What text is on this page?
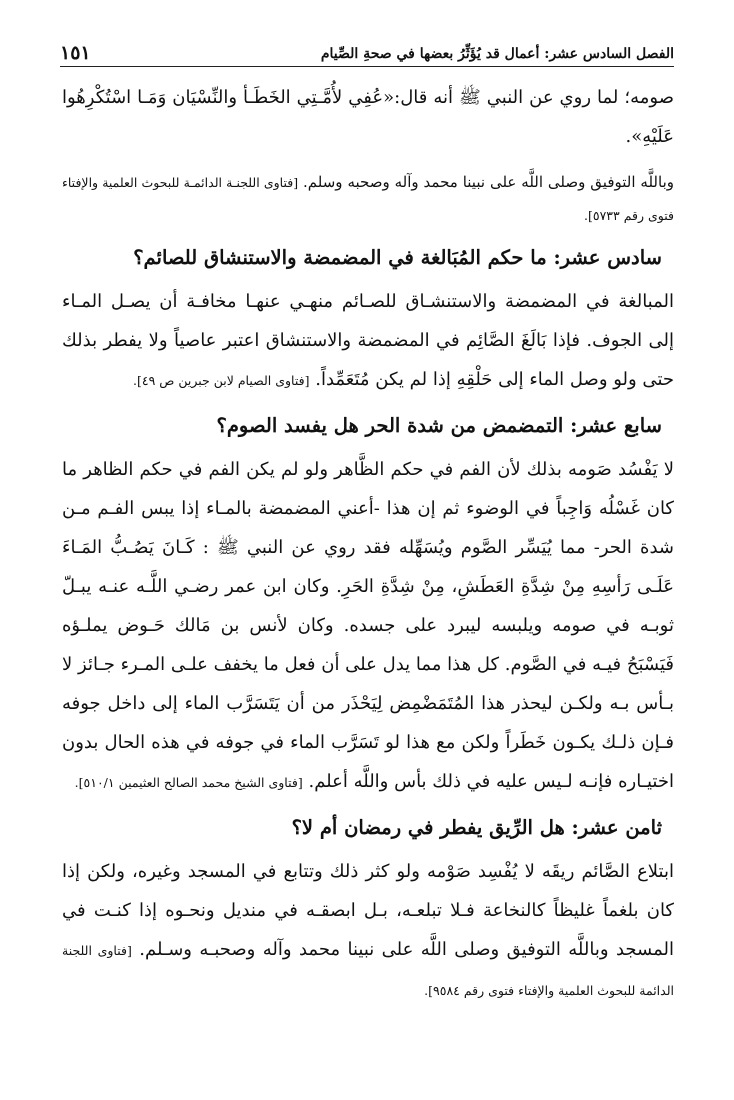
الفصل السادس عشر: أعمال قد يُؤَثِّرُ بعضها في صحةِ الصِّيام
١٥١

صومه؛ لما روي عن النبي ﷺ أنه قال:«عُفِي لأُمَّـتِي الخَطَـأ والنِّسْيَان وَمَـا اسْتُكْرِهُوا عَلَيْهِ».

وباللَّه التوفيق وصلى اللَّه على نبينا محمد وآله وصحبه وسلم. [فتاوى اللجنـة الدائمـة للبحوث العلمية والإفتاء فتوى رقم ٥٧٣٣].

سادس عشر: ما حكم المُبَالغة في المضمضة والاستنشاق للصائم؟

المبالغة في المضمضة والاستنشـاق للصـائم منهـي عنهـا مخافـة أن يصـل المـاء إلى الجوف. فإذا بَالَغَ الصَّائِم في المضمضة والاستنشاق اعتبر عاصياً ولا يفطر بذلك حتى ولو وصل الماء إلى حَلْقِهِ إذا لم يكن مُتَعَمِّداً. [فتاوى الصيام لابن جبرين ص ٤٩].

سابع عشر: التمضمض من شدة الحر هل يفسد الصوم؟

لا يَفْسُد صَومه بذلك لأن الفم في حكم الظَّاهر ولو لم يكن الفم في حكم الظاهر ما كان غَسْلُه وَاجِباً في الوضوء ثم إن هذا -أعني المضمضة بالمـاء إذا يبس الفـم مـن شدة الحر- مما يُيَسِّر الصَّوم ويُسَهِّله فقد روي عن النبي ﷺ : كَـانَ يَصُـبُّ المَـاءَ عَلَـى رَأسِهِ مِنْ شِدَّةِ العَطَشِ، مِنْ شِدَّةِ الحَرِ. وكان ابن عمر رضـي اللَّـه عنـه يبـلّ ثوبـه في صومه ويلبسه ليبرد على جسده. وكان لأنس بن مَالك حَـوض يملـؤه فَيَسْبَحُ فيـه في الصَّوم. كل هذا مما يدل على أن فعل ما يخفف علـى المـرء جـائز لا بـأس بـه ولكـن ليحذر هذا المُتَمَضْمِض لِيَحْذَر من أن يَتَسَرَّب الماء إلى داخل جوفه فـإن ذلـك يكـون خَطَراً ولكن مع هذا لو تَسَرَّب الماء في جوفه في هذه الحال بدون اختيـاره فإنـه لـيس عليه في ذلك بأس واللَّه أعلم. [فتاوى الشيخ محمد الصالح العثيمين ٥١٠/١].

ثامن عشر: هل الرِّيق يفطر في رمضان أم لا؟

ابتلاع الصَّائم ريقَه لا يُفْسِد صَوْمه ولو كثر ذلك وتتابع في المسجد وغيره، ولكن إذا كان بلغماً غليظاً كالنخاعة فـلا تبلعـه، بـل ابصقـه في منديل ونحـوه إذا كنـت في المسجد وباللَّه التوفيق وصلى اللَّه على نبينا محمد وآله وصحبـه وسـلم. [فتاوى اللجنة الدائمة للبحوث العلمية والإفتاء فتوى رقم ٩٥٨٤].
